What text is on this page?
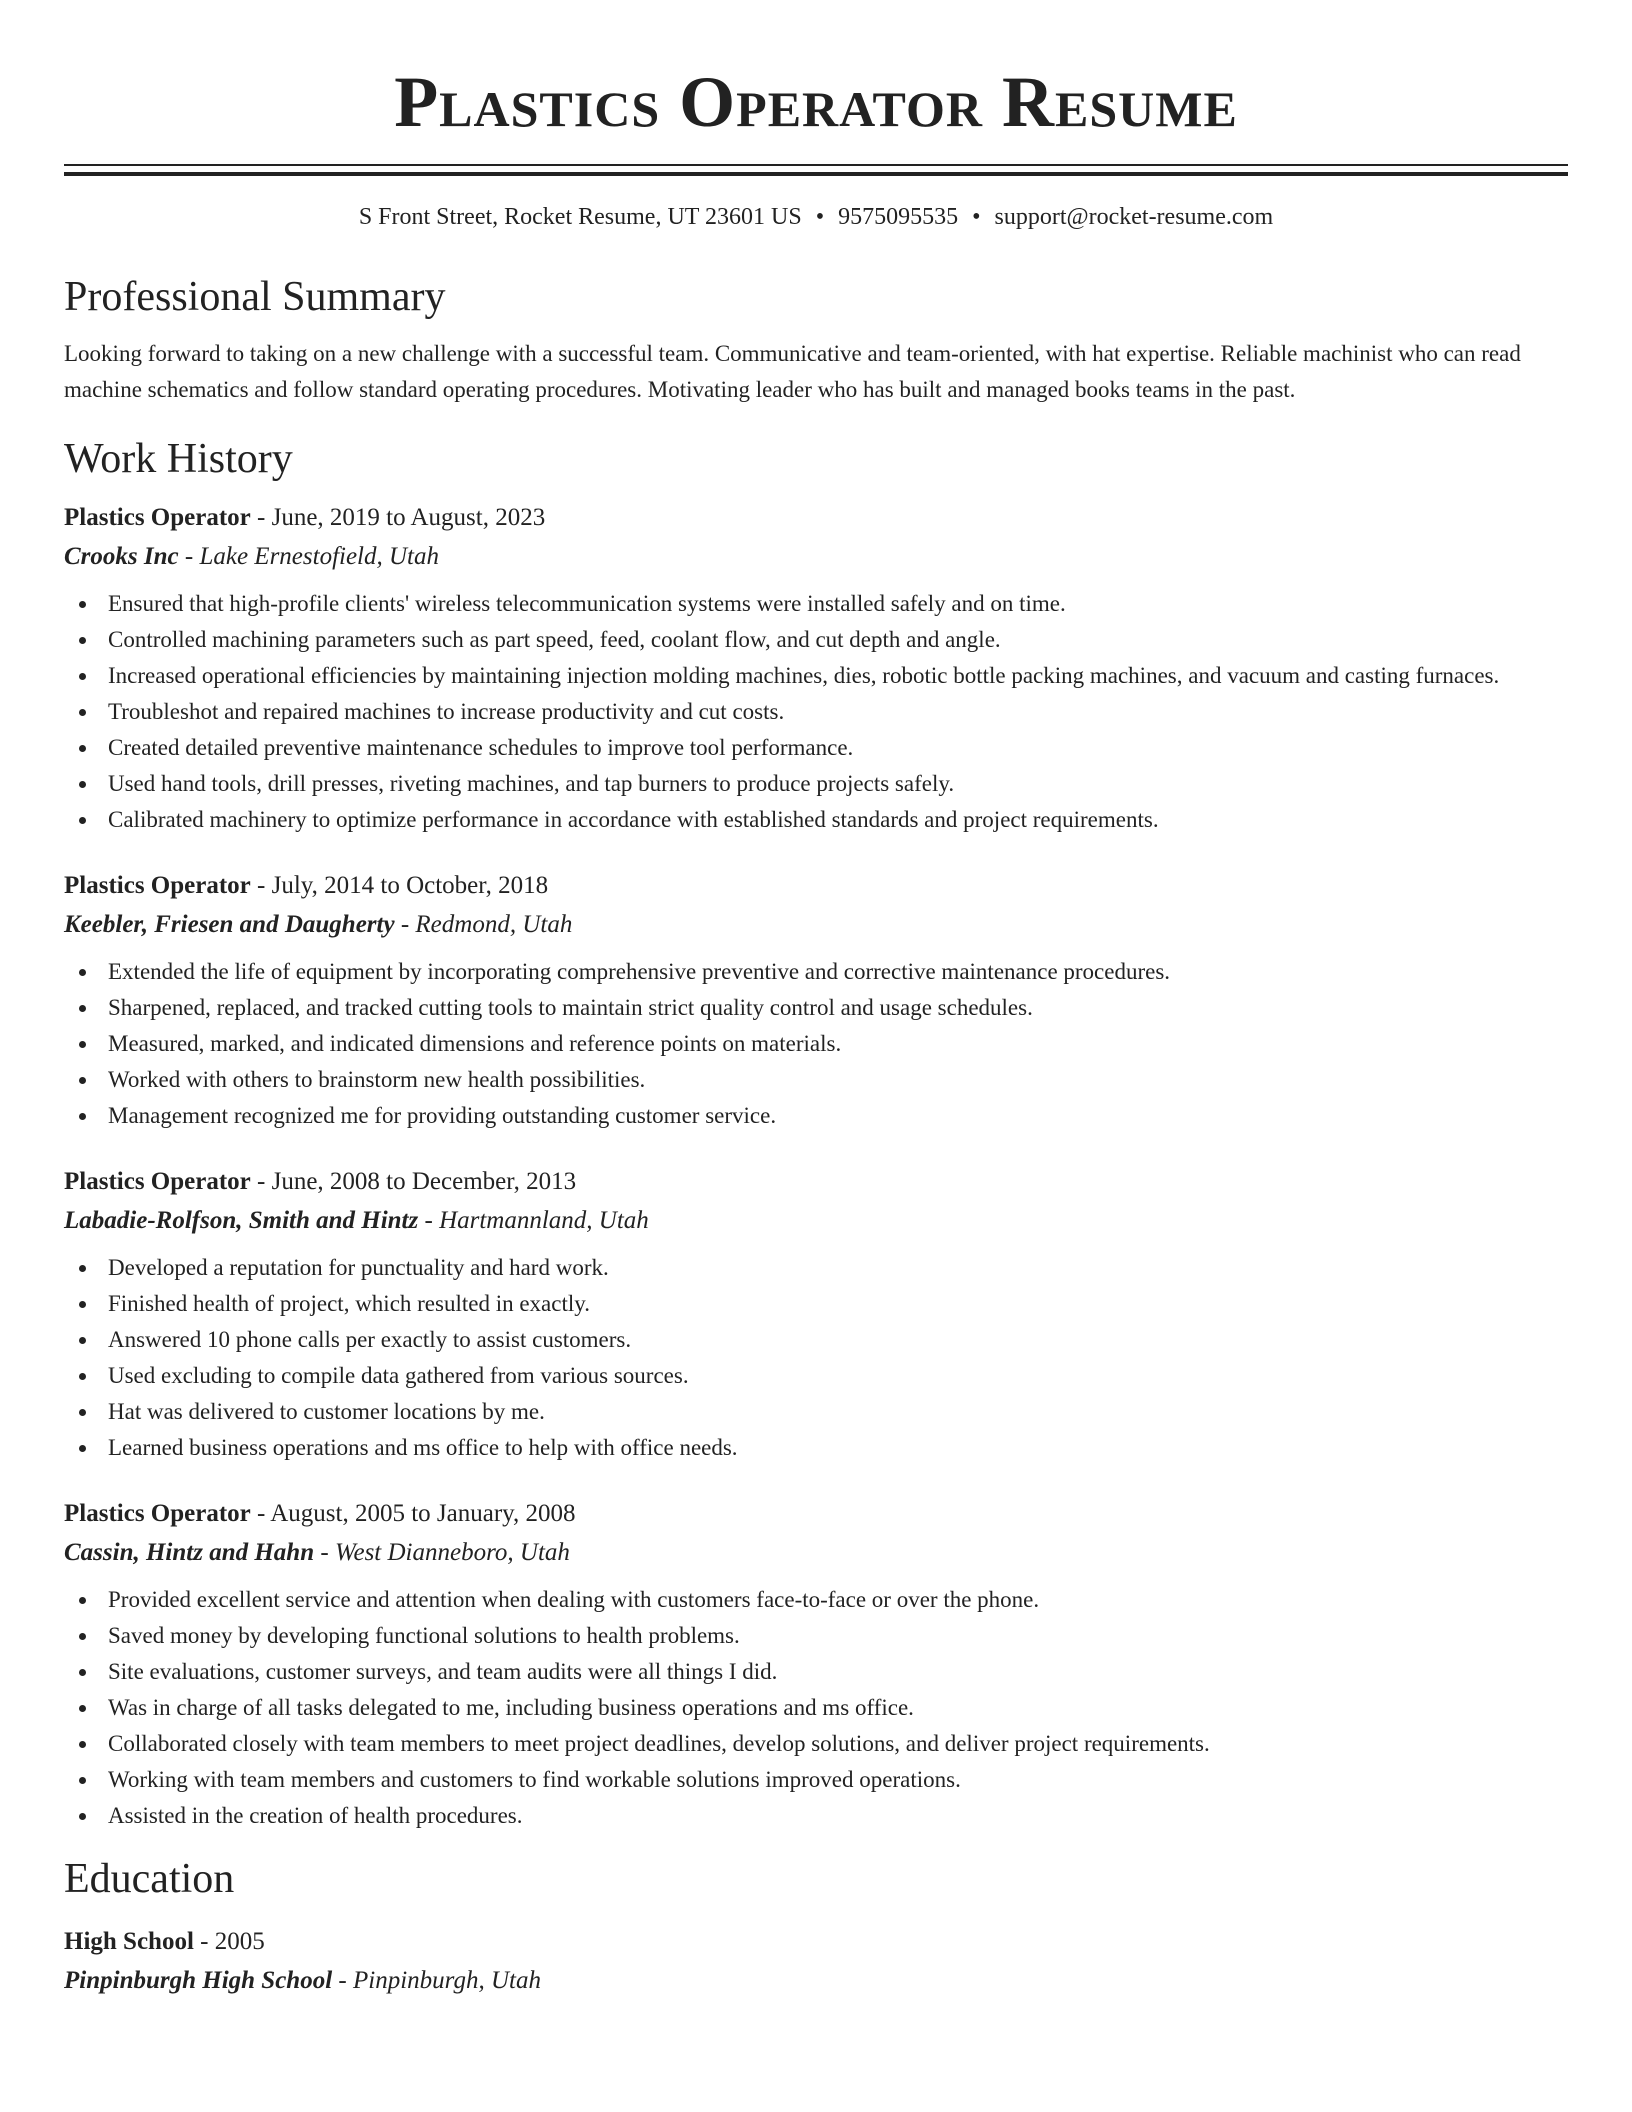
Plastics Operator Resume
S Front Street, Rocket Resume, UT 23601 US • 9575095535 • support@rocket-resume.com
Professional Summary

Looking forward to taking on a new challenge with a successful team. Communicative and team-oriented, with hat expertise. Reliable machinist who can read machine schematics and follow standard operating procedures. Motivating leader who has built and managed books teams in the past.

Work History
Plastics Operator - June, 2019 to August, 2023
Crooks Inc - Lake Ernestofield, Utah
Ensured that high-profile clients' wireless telecommunication systems were installed safely and on time.
Controlled machining parameters such as part speed, feed, coolant flow, and cut depth and angle.
Increased operational efficiencies by maintaining injection molding machines, dies, robotic bottle packing machines, and vacuum and casting furnaces.
Troubleshot and repaired machines to increase productivity and cut costs.
Created detailed preventive maintenance schedules to improve tool performance.
Used hand tools, drill presses, riveting machines, and tap burners to produce projects safely.
Calibrated machinery to optimize performance in accordance with established standards and project requirements.
Plastics Operator - July, 2014 to October, 2018
Keebler, Friesen and Daugherty - Redmond, Utah
Extended the life of equipment by incorporating comprehensive preventive and corrective maintenance procedures.
Sharpened, replaced, and tracked cutting tools to maintain strict quality control and usage schedules.
Measured, marked, and indicated dimensions and reference points on materials.
Worked with others to brainstorm new health possibilities.
Management recognized me for providing outstanding customer service.
Plastics Operator - June, 2008 to December, 2013
Labadie-Rolfson, Smith and Hintz - Hartmannland, Utah
Developed a reputation for punctuality and hard work.
Finished health of project, which resulted in exactly.
Answered 10 phone calls per exactly to assist customers.
Used excluding to compile data gathered from various sources.
Hat was delivered to customer locations by me.
Learned business operations and ms office to help with office needs.
Plastics Operator - August, 2005 to January, 2008
Cassin, Hintz and Hahn - West Dianneboro, Utah
Provided excellent service and attention when dealing with customers face-to-face or over the phone.
Saved money by developing functional solutions to health problems.
Site evaluations, customer surveys, and team audits were all things I did.
Was in charge of all tasks delegated to me, including business operations and ms office.
Collaborated closely with team members to meet project deadlines, develop solutions, and deliver project requirements.
Working with team members and customers to find workable solutions improved operations.
Assisted in the creation of health procedures.
Education
High School - 2005
Pinpinburgh High School - Pinpinburgh, Utah
